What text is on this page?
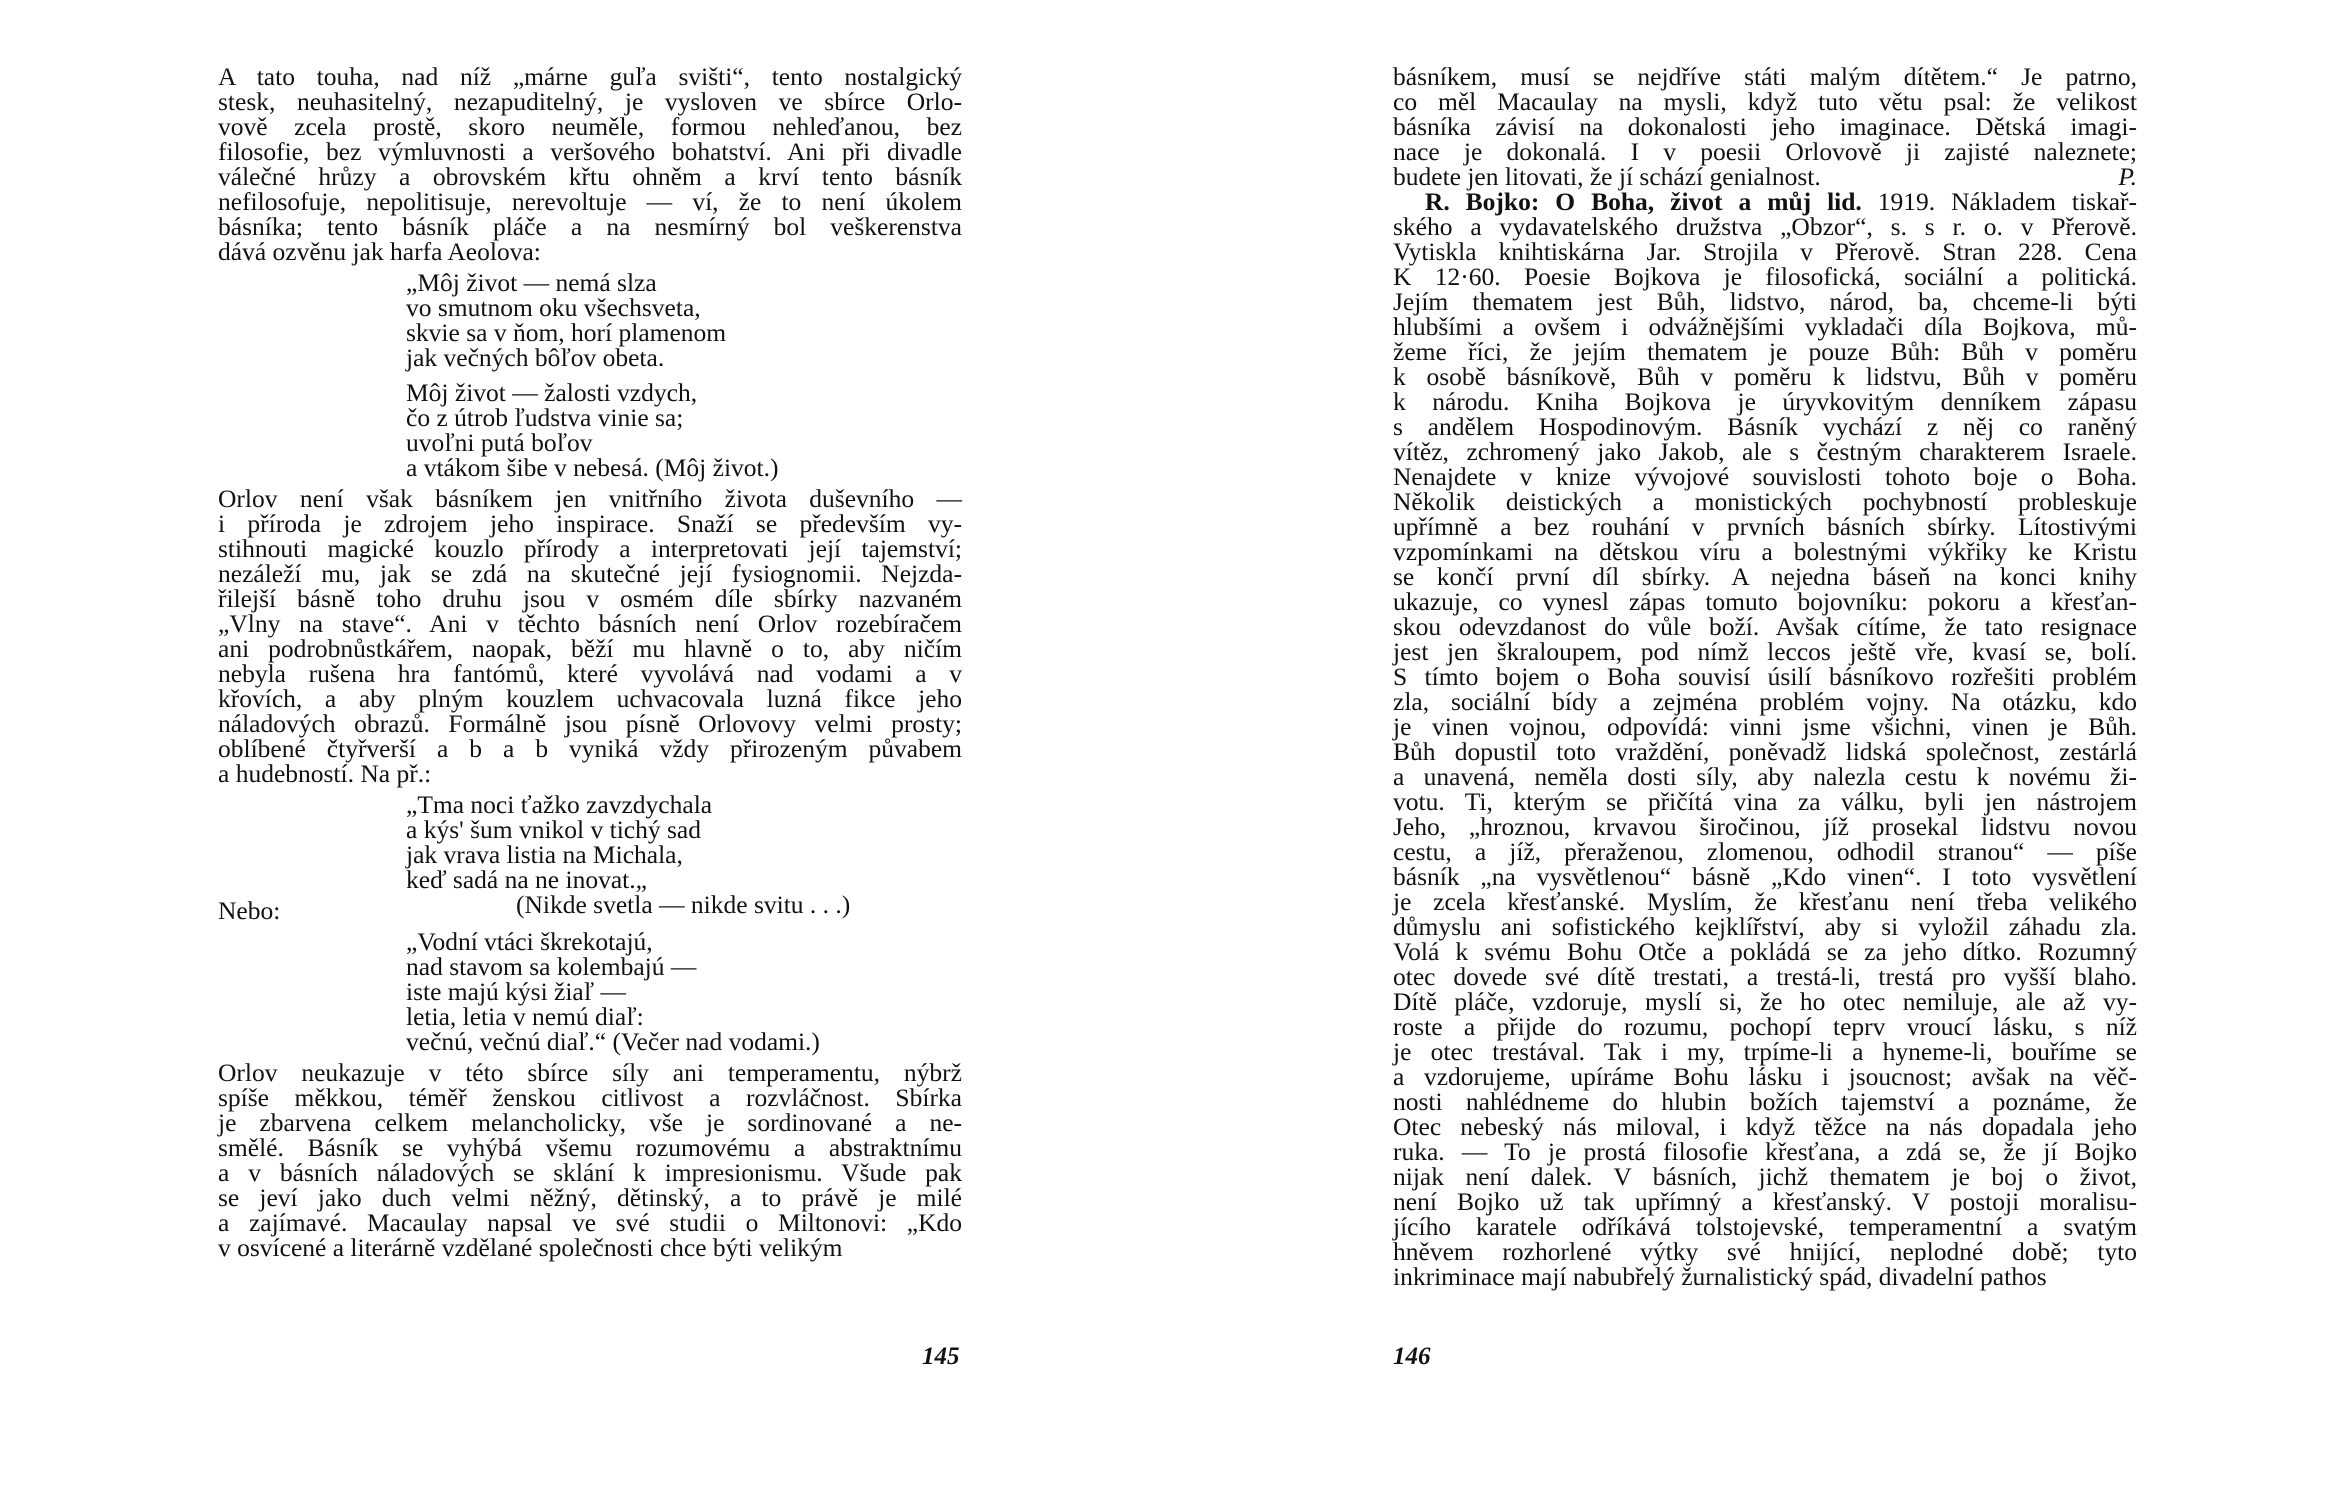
A tato touha, nad níž „márne guľa svišti“, tento nostalgický

stesk, neuhasitelný, nezapuditelný, je vysloven ve sbírce Orlo-

vově zcela prostě, skoro neuměle, formou nehleďanou, bez

filosofie, bez výmluvnosti a veršového bohatství. Ani při divadle

válečné hrůzy a obrovském křtu ohněm a krví tento básník

nefilosofuje, nepolitisuje, nerevoltuje — ví, že to není úkolem

básníka; tento básník pláče a na nesmírný bol veškerenstva

dává ozvěnu jak harfa Aeolova:

„Môj život — nemá slza

vo smutnom oku všechsveta,

skvie sa v ňom, horí plamenom

jak večných bôľov obeta.

Môj život — žalosti vzdych,

čo z útrob ľudstva vinie sa;

uvoľni putá boľov

a vtákom šibe v nebesá. (Môj život.)

Orlov není však básníkem jen vnitřního života duševního —

i příroda je zdrojem jeho inspirace. Snaží se především vy-

stihnouti magické kouzlo přírody a interpretovati její tajemství;

nezáleží mu, jak se zdá na skutečné její fysiognomii. Nejzda-

řilejší básně toho druhu jsou v osmém díle sbírky nazvaném

„Vlny na stave“. Ani v těchto básních není Orlov rozebíračem

ani podrobnůstkářem, naopak, běží mu hlavně o to, aby ničím

nebyla rušena hra fantómů, které vyvolává nad vodami a v

křovích, a aby plným kouzlem uchvacovala luzná fikce jeho

náladových obrazů. Formálně jsou písně Orlovovy velmi prosty;

oblíbené čtyřverší a b a b vyniká vždy přirozeným půvabem

a hudebností. Na př.:

„Tma noci ťažko zavzdychala

a kýs' šum vnikol v tichý sad

jak vrava listia na Michala,

keď sadá na ne inovat.„

(Nikde svetla — nikde svitu . . .)

Nebo:

„Vodní vtáci škrekotajú,

nad stavom sa kolembajú —

iste majú kýsi žiaľ —

letia, letia v nemú diaľ:

večnú, večnú diaľ.“ (Večer nad vodami.)

Orlov neukazuje v této sbírce síly ani temperamentu, nýbrž

spíše měkkou, téměř ženskou citlivost a rozvláčnost. Sbírka

je zbarvena celkem melancholicky, vše je sordinované a ne-

smělé. Básník se vyhýbá všemu rozumovému a abstraktnímu

a v básních náladových se sklání k impresionismu. Všude pak

se jeví jako duch velmi něžný, dětinský, a to právě je milé

a zajímavé. Macaulay napsal ve své studii o Miltonovi: „Kdo

v osvícené a literárně vzdělané společnosti chce býti velikým

145

básníkem, musí se nejdříve státi malým dítětem.“ Je patrno,

co měl Macaulay na mysli, když tuto větu psal: že velikost

básníka závisí na dokonalosti jeho imaginace. Dětská imagi-

nace je dokonalá. I v poesii Orlovově ji zajisté naleznete;

budete jen litovati, že jí schází genialnost.	P.

R. Bojko: O Boha, život a můj lid. 1919. Nákladem tiskař-

ského a vydavatelského družstva „Obzor“, s. s r. o. v Přerově.

Vytiskla knihtiskárna Jar. Strojila v Přerově. Stran 228. Cena

K 12·60. Poesie Bojkova je filosofická, sociální a politická.

Jejím thematem jest Bůh, lidstvo, národ, ba, chceme-li býti

hlubšími a ovšem i odvážnějšími vykladači díla Bojkova, mů-

žeme říci, že jejím thematem je pouze Bůh: Bůh v poměru

k osobě básníkově, Bůh v poměru k lidstvu, Bůh v poměru

k národu. Kniha Bojkova je úryvkovitým denníkem zápasu

s andělem Hospodinovým. Básník vychází z něj co raněný

vítěz, zchromený jako Jakob, ale s čestným charakterem Israele.

Nenajdete v knize vývojové souvislosti tohoto boje o Boha.

Několik deistických a monistických pochybností probleskuje

upřímně a bez rouhání v prvních básních sbírky. Lítostivými

vzpomínkami na dětskou víru a bolestnými výkřiky ke Kristu

se končí první díl sbírky. A nejedna báseň na konci knihy

ukazuje, co vynesl zápas tomuto bojovníku: pokoru a křesťan-

skou odevzdanost do vůle boží. Avšak cítíme, že tato resignace

jest jen škraloupem, pod nímž leccos ještě vře, kvasí se, bolí.

S tímto bojem o Boha souvisí úsilí básníkovo rozřešiti problém

zla, sociální bídy a zejména problém vojny. Na otázku, kdo

je vinen vojnou, odpovídá: vinni jsme všichni, vinen je Bůh.

Bůh dopustil toto vraždění, poněvadž lidská společnost, zestárlá

a unavená, neměla dosti síly, aby nalezla cestu k novému ži-

votu. Ti, kterým se přičítá vina za válku, byli jen nástrojem

Jeho, „hroznou, krvavou širočinou, jíž prosekal lidstvu novou

cestu, a jíž, přeraženou, zlomenou, odhodil stranou“ — píše

básník „na vysvětlenou“ básně „Kdo vinen“. I toto vysvětlení

je zcela křesťanské. Myslím, že křesťanu není třeba velikého

důmyslu ani sofistického kejklířství, aby si vyložil záhadu zla.

Volá k svému Bohu Otče a pokládá se za jeho dítko. Rozumný

otec dovede své dítě trestati, a trestá-li, trestá pro vyšší blaho.

Dítě pláče, vzdoruje, myslí si, že ho otec nemiluje, ale až vy-

roste a přijde do rozumu, pochopí teprv vroucí lásku, s níž

je otec trestával. Tak i my, trpíme-li a hyneme-li, bouříme se

a vzdorujeme, upíráme Bohu lásku i jsoucnost; avšak na věč-

nosti nahlédneme do hlubin božích tajemství a poznáme, že

Otec nebeský nás miloval, i když těžce na nás dopadala jeho

ruka. — To je prostá filosofie křesťana, a zdá se, že jí Bojko

nijak není dalek. V básních, jichž thematem je boj o život,

není Bojko už tak upřímný a křesťanský. V postoji moralisu-

jícího karatele odříkává tolstojevské, temperamentní a svatým

hněvem rozhorlené výtky své hnijící, neplodné době; tyto

inkriminace mají nabubřelý žurnalistický spád, divadelní pathos

146
